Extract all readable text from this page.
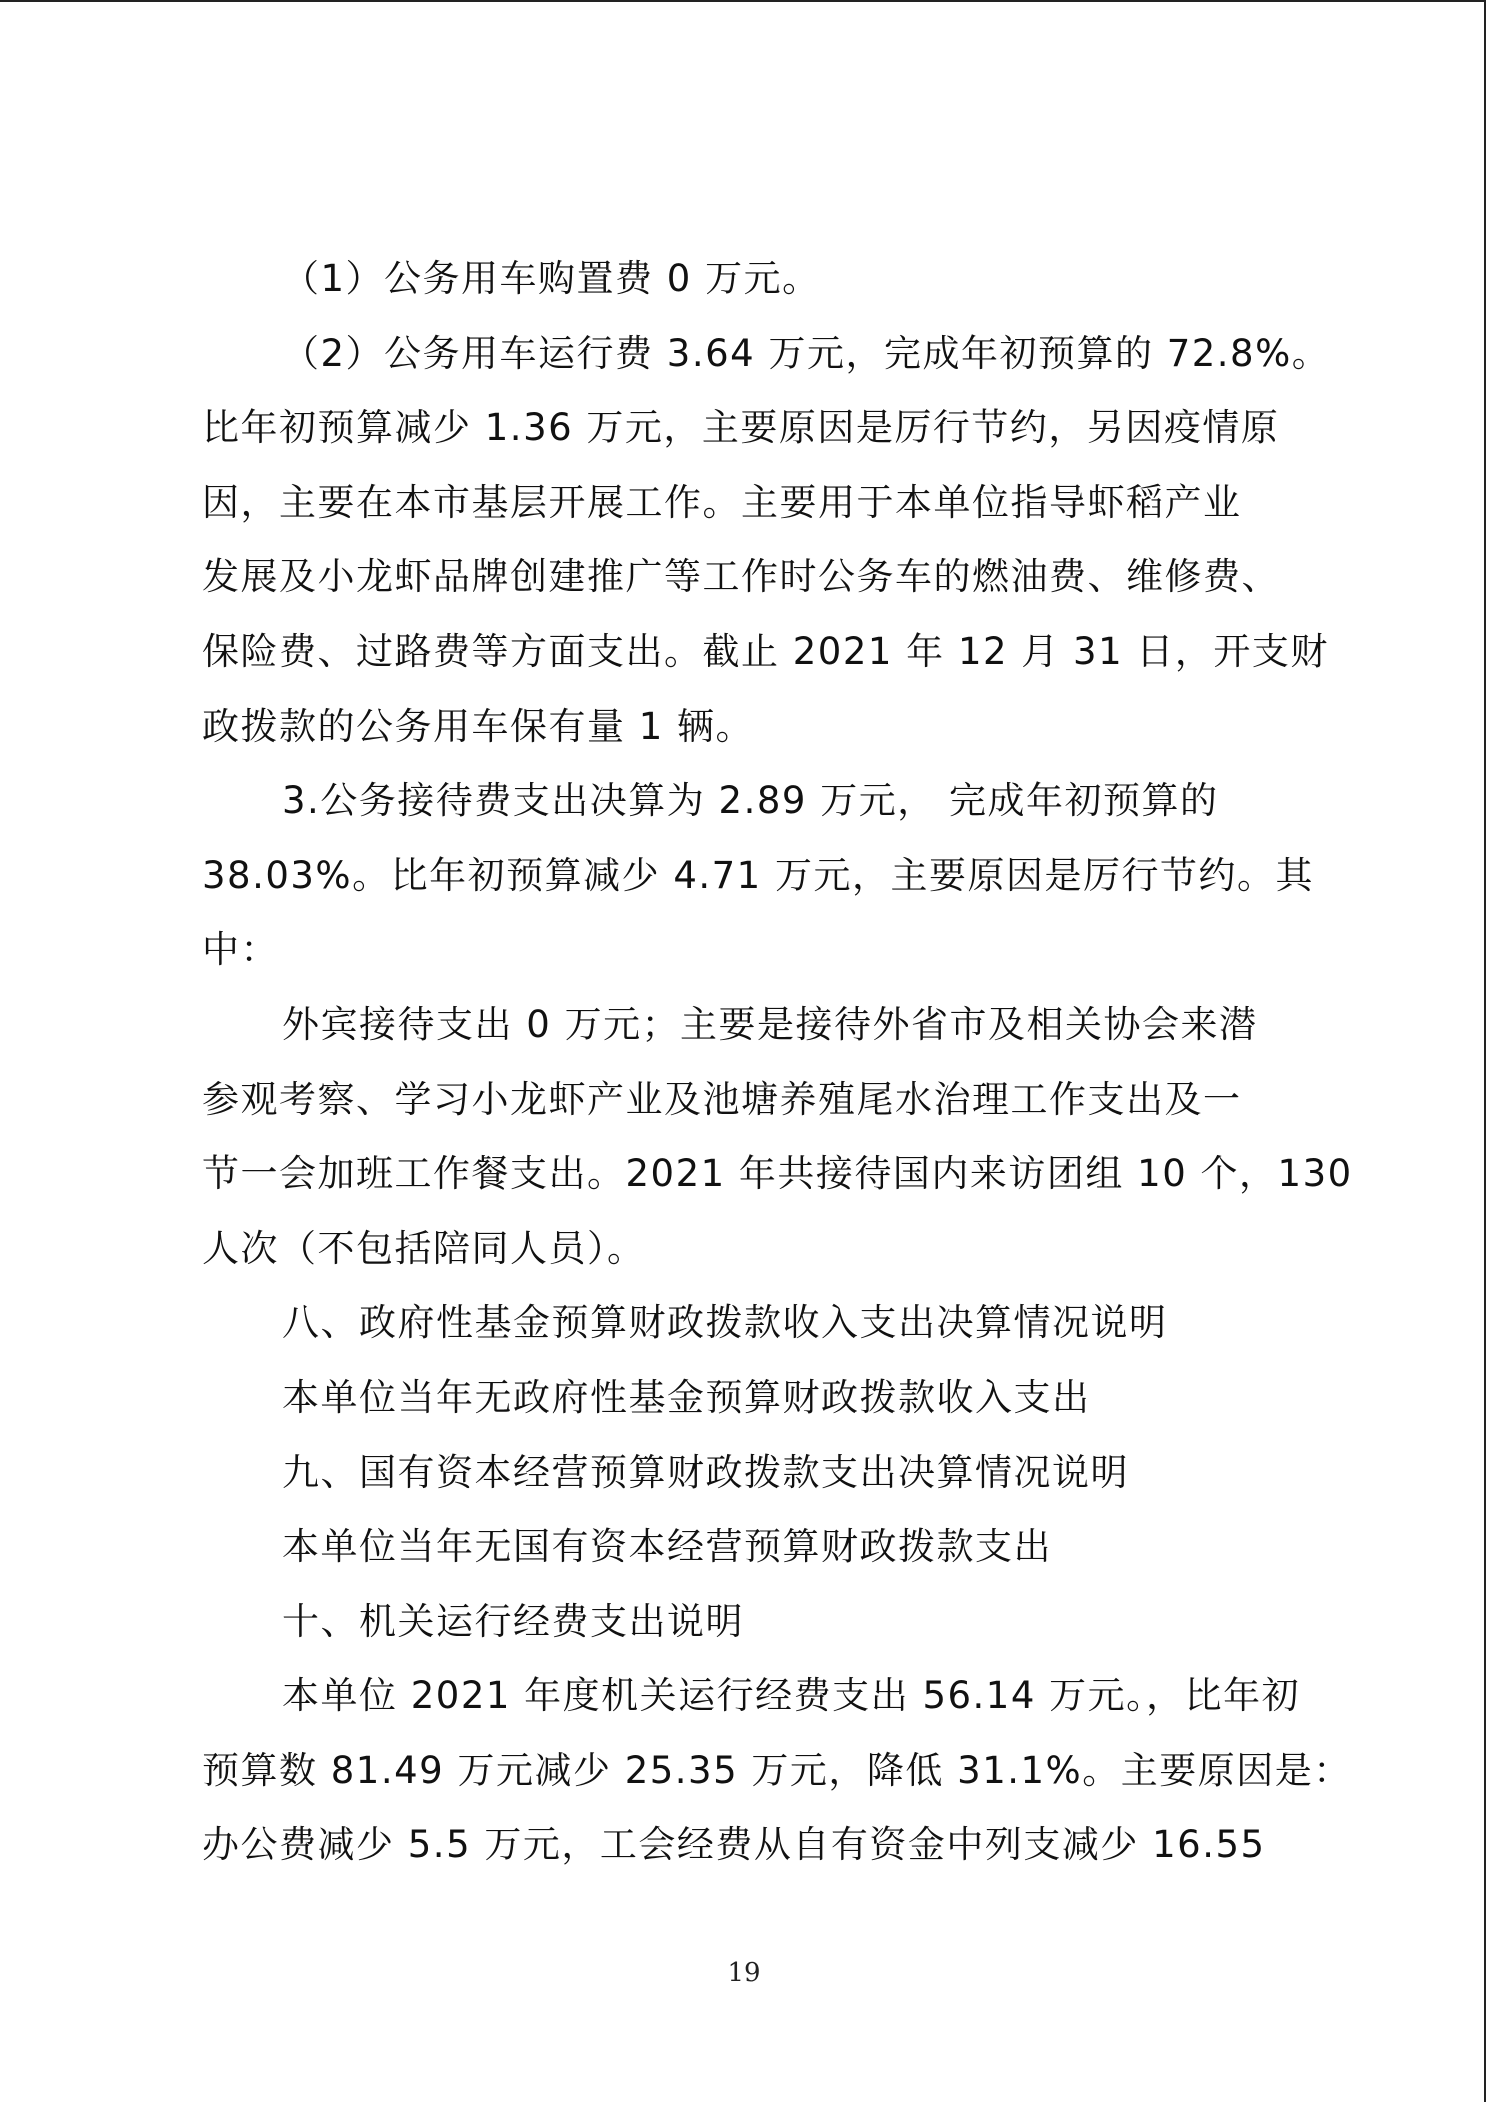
（1）公务用车购置费 0 万元。
（2）公务用车运行费 3.64 万元，完成年初预算的 72.8%。
比年初预算减少 1.36 万元，主要原因是厉行节约，另因疫情原
因，主要在本市基层开展工作。主要用于本单位指导虾稻产业
发展及小龙虾品牌创建推广等工作时公务车的燃油费、维修费、
保险费、过路费等方面支出。截止 2021 年 12 月 31 日，开支财
政拨款的公务用车保有量 1 辆。
3.公务接待费支出决算为 2.89 万元， 完成年初预算的
38.03%。比年初预算减少 4.71 万元，主要原因是厉行节约。其
中：
外宾接待支出 0 万元；主要是接待外省市及相关协会来潜
参观考察、学习小龙虾产业及池塘养殖尾水治理工作支出及一
节一会加班工作餐支出。2021 年共接待国内来访团组 10 个，130
人次（不包括陪同人员）。
八、政府性基金预算财政拨款收入支出决算情况说明
本单位当年无政府性基金预算财政拨款收入支出
九、国有资本经营预算财政拨款支出决算情况说明
本单位当年无国有资本经营预算财政拨款支出
十、机关运行经费支出说明
本单位 2021 年度机关运行经费支出 56.14 万元。，比年初
预算数 81.49 万元减少 25.35 万元，降低 31.1%。主要原因是：
办公费减少 5.5 万元，工会经费从自有资金中列支减少 16.55
19
